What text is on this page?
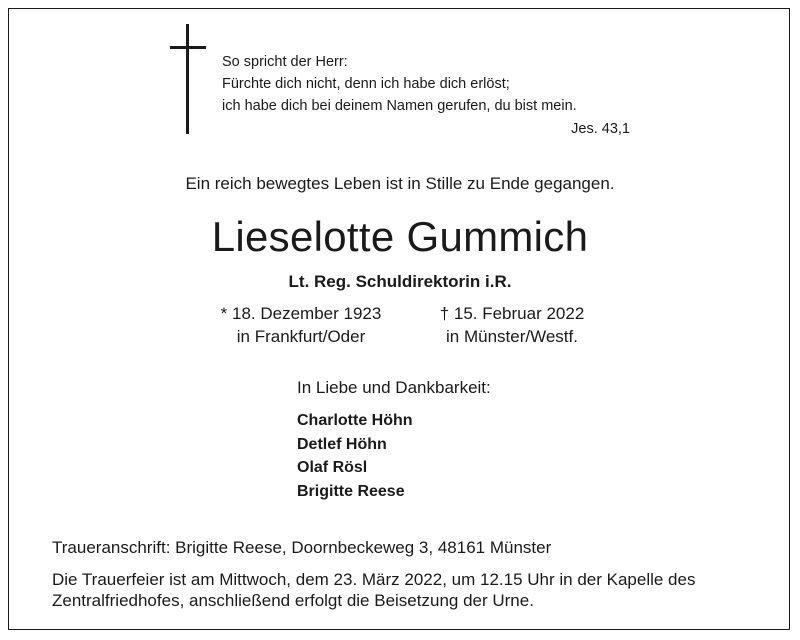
So spricht der Herr:
Fürchte dich nicht, denn ich habe dich erlöst;
ich habe dich bei deinem Namen gerufen, du bist mein.
Jes. 43,1
Ein reich bewegtes Leben ist in Stille zu Ende gegangen.
Lieselotte Gummich
Lt. Reg. Schuldirektorin i.R.
* 18. Dezember 1923
in Frankfurt/Oder
† 15. Februar 2022
in Münster/Westf.
In Liebe und Dankbarkeit:
Charlotte Höhn
Detlef Höhn
Olaf Rösl
Brigitte Reese
Traueranschrift: Brigitte Reese, Doornbeckeweg 3, 48161 Münster
Die Trauerfeier ist am Mittwoch, dem 23. März 2022, um 12.15 Uhr in der Kapelle des
Zentralfriedhofes, anschließend erfolgt die Beisetzung der Urne.
